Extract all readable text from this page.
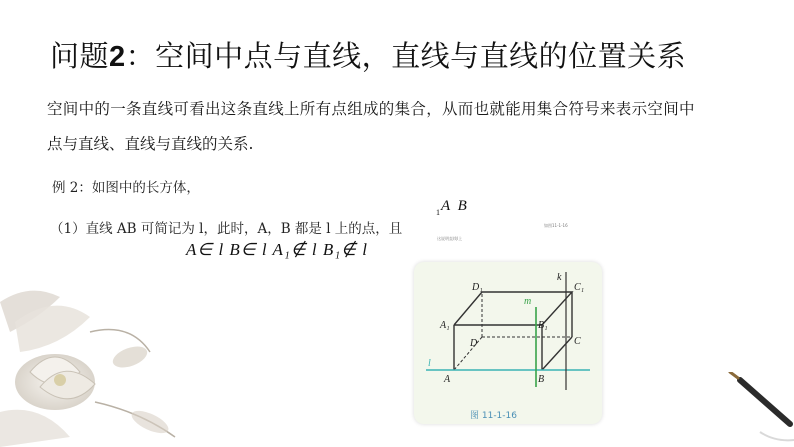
问题2：空间中点与直线，直线与直线的位置关系
空间中的一条直线可看出这条直线上所有点组成的集合，从而也就能用集合符号来表示空间中
点与直线、直线与直线的关系.
例 2：如图中的长方体，
（1）直线 AB 可简记为 l，此时，A，B 都是 l 上的点，且
$_1$A B
这说明直线l上
如图11-1-16
A∈ l B∈ l A₁∉ l B₁∉ l
D₁	C₁
A₁	B₁
D	C
A	B
k
m
l
图 11-1-16
